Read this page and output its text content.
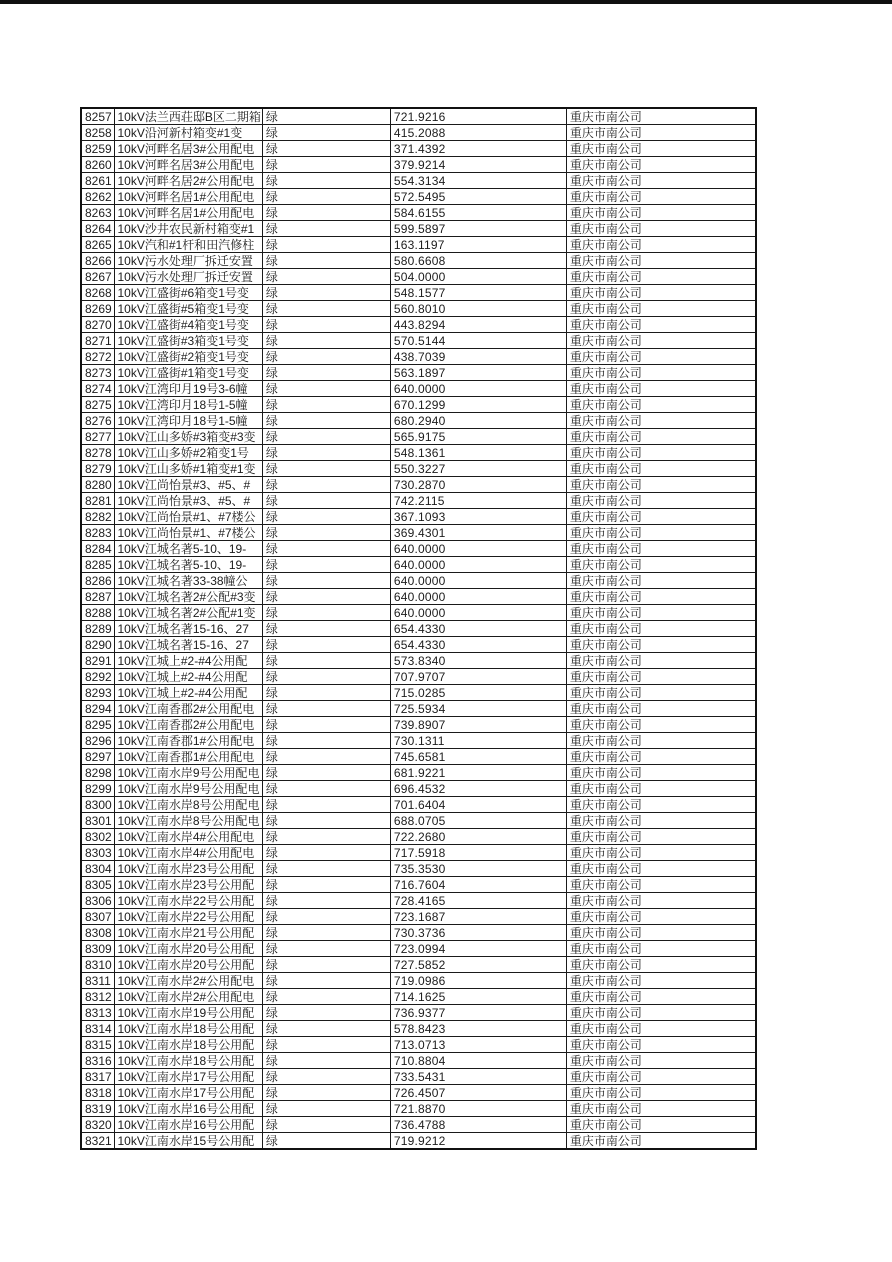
8257	10kV法兰西荘邸B区二期箱	绿	721.9216	重庆市南公司
8258	10kV沿河新村箱变#1变	绿	415.2088	重庆市南公司
8259	10kV河畔名居3#公用配电	绿	371.4392	重庆市南公司
8260	10kV河畔名居3#公用配电	绿	379.9214	重庆市南公司
8261	10kV河畔名居2#公用配电	绿	554.3134	重庆市南公司
8262	10kV河畔名居1#公用配电	绿	572.5495	重庆市南公司
8263	10kV河畔名居1#公用配电	绿	584.6155	重庆市南公司
8264	10kV沙井农民新村箱变#1	绿	599.5897	重庆市南公司
8265	10kV汽和#1杆和田汽修柱	绿	163.1197	重庆市南公司
8266	10kV污水处理厂拆迁安置	绿	580.6608	重庆市南公司
8267	10kV污水处理厂拆迁安置	绿	504.0000	重庆市南公司
8268	10kV江盛街#6箱变1号变	绿	548.1577	重庆市南公司
8269	10kV江盛街#5箱变1号变	绿	560.8010	重庆市南公司
8270	10kV江盛街#4箱变1号变	绿	443.8294	重庆市南公司
8271	10kV江盛街#3箱变1号变	绿	570.5144	重庆市南公司
8272	10kV江盛街#2箱变1号变	绿	438.7039	重庆市南公司
8273	10kV江盛街#1箱变1号变	绿	563.1897	重庆市南公司
8274	10kV江湾印月19号3-6幢	绿	640.0000	重庆市南公司
8275	10kV江湾印月18号1-5幢	绿	670.1299	重庆市南公司
8276	10kV江湾印月18号1-5幢	绿	680.2940	重庆市南公司
8277	10kV江山多娇#3箱变#3变	绿	565.9175	重庆市南公司
8278	10kV江山多娇#2箱变1号	绿	548.1361	重庆市南公司
8279	10kV江山多娇#1箱变#1变	绿	550.3227	重庆市南公司
8280	10kV江尚怡景#3、#5、#	绿	730.2870	重庆市南公司
8281	10kV江尚怡景#3、#5、#	绿	742.2115	重庆市南公司
8282	10kV江尚怡景#1、#7楼公	绿	367.1093	重庆市南公司
8283	10kV江尚怡景#1、#7楼公	绿	369.4301	重庆市南公司
8284	10kV江城名著5-10、19-	绿	640.0000	重庆市南公司
8285	10kV江城名著5-10、19-	绿	640.0000	重庆市南公司
8286	10kV江城名著33-38幢公	绿	640.0000	重庆市南公司
8287	10kV江城名著2#公配#3变	绿	640.0000	重庆市南公司
8288	10kV江城名著2#公配#1变	绿	640.0000	重庆市南公司
8289	10kV江城名著15-16、27	绿	654.4330	重庆市南公司
8290	10kV江城名著15-16、27	绿	654.4330	重庆市南公司
8291	10kV江城上#2-#4公用配	绿	573.8340	重庆市南公司
8292	10kV江城上#2-#4公用配	绿	707.9707	重庆市南公司
8293	10kV江城上#2-#4公用配	绿	715.0285	重庆市南公司
8294	10kV江南香郡2#公用配电	绿	725.5934	重庆市南公司
8295	10kV江南香郡2#公用配电	绿	739.8907	重庆市南公司
8296	10kV江南香郡1#公用配电	绿	730.1311	重庆市南公司
8297	10kV江南香郡1#公用配电	绿	745.6581	重庆市南公司
8298	10kV江南水岸9号公用配电	绿	681.9221	重庆市南公司
8299	10kV江南水岸9号公用配电	绿	696.4532	重庆市南公司
8300	10kV江南水岸8号公用配电	绿	701.6404	重庆市南公司
8301	10kV江南水岸8号公用配电	绿	688.0705	重庆市南公司
8302	10kV江南水岸4#公用配电	绿	722.2680	重庆市南公司
8303	10kV江南水岸4#公用配电	绿	717.5918	重庆市南公司
8304	10kV江南水岸23号公用配	绿	735.3530	重庆市南公司
8305	10kV江南水岸23号公用配	绿	716.7604	重庆市南公司
8306	10kV江南水岸22号公用配	绿	728.4165	重庆市南公司
8307	10kV江南水岸22号公用配	绿	723.1687	重庆市南公司
8308	10kV江南水岸21号公用配	绿	730.3736	重庆市南公司
8309	10kV江南水岸20号公用配	绿	723.0994	重庆市南公司
8310	10kV江南水岸20号公用配	绿	727.5852	重庆市南公司
8311	10kV江南水岸2#公用配电	绿	719.0986	重庆市南公司
8312	10kV江南水岸2#公用配电	绿	714.1625	重庆市南公司
8313	10kV江南水岸19号公用配	绿	736.9377	重庆市南公司
8314	10kV江南水岸18号公用配	绿	578.8423	重庆市南公司
8315	10kV江南水岸18号公用配	绿	713.0713	重庆市南公司
8316	10kV江南水岸18号公用配	绿	710.8804	重庆市南公司
8317	10kV江南水岸17号公用配	绿	733.5431	重庆市南公司
8318	10kV江南水岸17号公用配	绿	726.4507	重庆市南公司
8319	10kV江南水岸16号公用配	绿	721.8870	重庆市南公司
8320	10kV江南水岸16号公用配	绿	736.4788	重庆市南公司
8321	10kV江南水岸15号公用配	绿	719.9212	重庆市南公司
